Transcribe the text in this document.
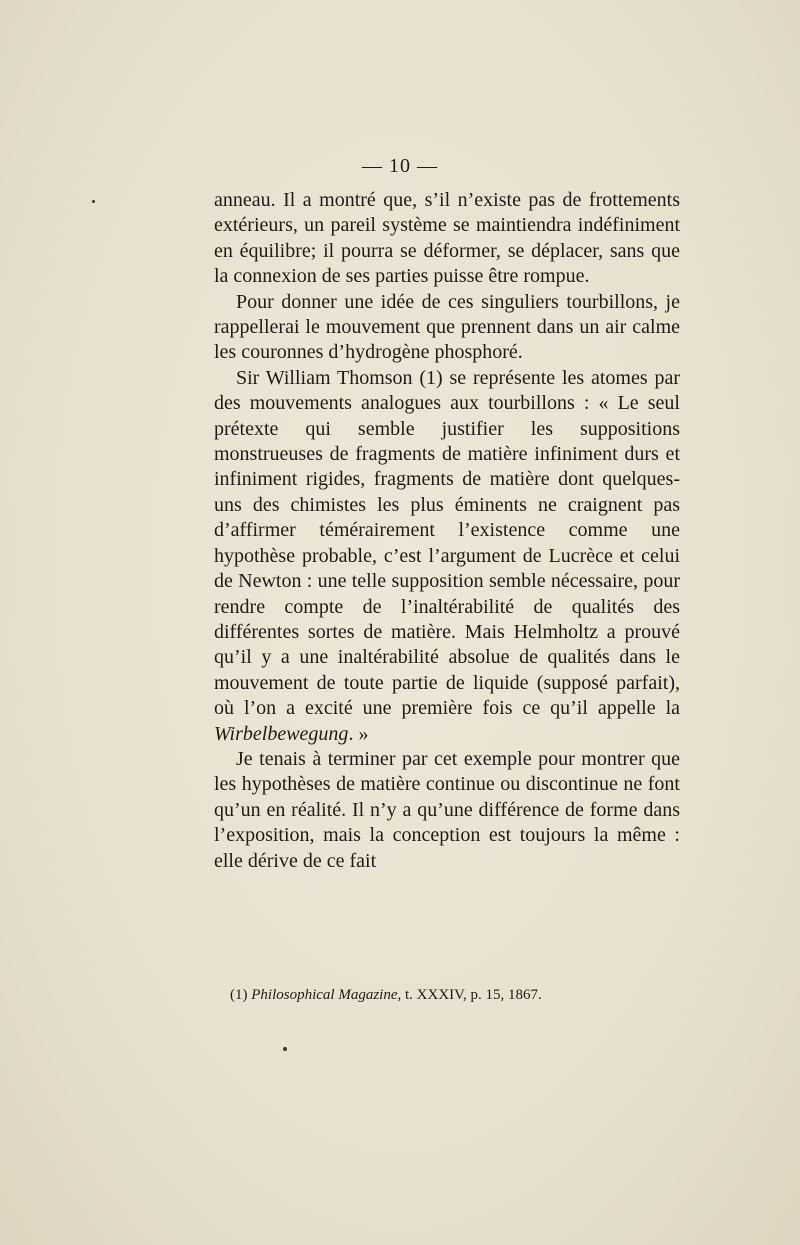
— 10 —

anneau. Il a montré que, s’il n’existe pas de frottements extérieurs, un pareil système se maintiendra indéfiniment en équilibre; il pourra se déformer, se déplacer, sans que la connexion de ses parties puisse être rompue.

Pour donner une idée de ces singuliers tourbillons, je rappellerai le mouvement que prennent dans un air calme les couronnes d’hydrogène phosphoré.

Sir William Thomson (1) se représente les atomes par des mouvements analogues aux tourbillons : « Le seul prétexte qui semble justifier les suppositions monstrueuses de fragments de matière infiniment durs et infiniment rigides, fragments de matière dont quelques-uns des chimistes les plus éminents ne craignent pas d’affirmer témérairement l’existence comme une hypothèse probable, c’est l’argument de Lucrèce et celui de Newton : une telle supposition semble nécessaire, pour rendre compte de l’inaltérabilité de qualités des différentes sortes de matière. Mais Helmholtz a prouvé qu’il y a une inaltérabilité absolue de qualités dans le mouvement de toute partie de liquide (supposé parfait), où l’on a excité une première fois ce qu’il appelle la Wirbelbewegung. »

Je tenais à terminer par cet exemple pour montrer que les hypothèses de matière continue ou discontinue ne font qu’un en réalité. Il n’y a qu’une différence de forme dans l’exposition, mais la conception est toujours la même : elle dérive de ce fait

(1) Philosophical Magazine, t. XXXIV, p. 15, 1867.
